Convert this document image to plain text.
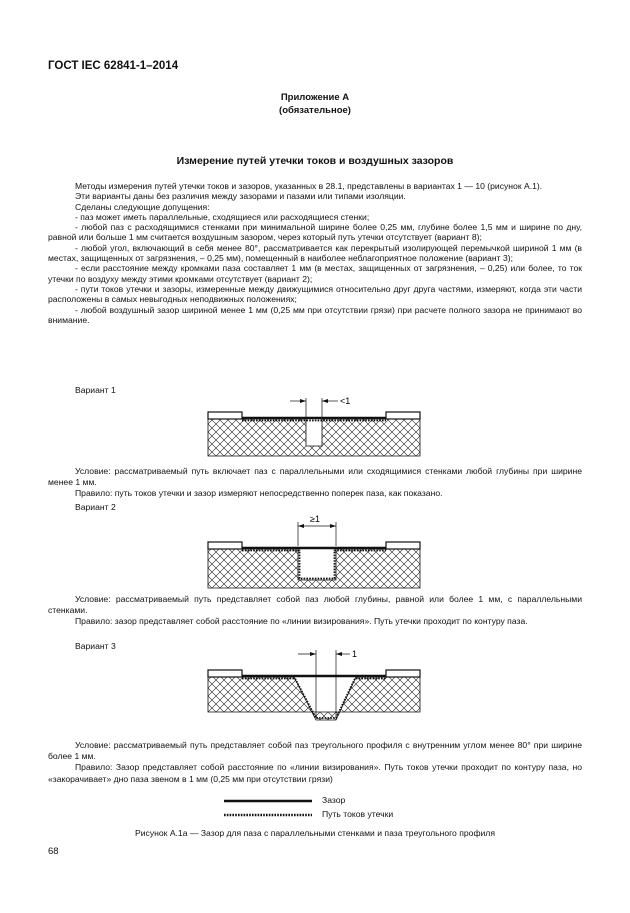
ГОСТ IEC 62841-1–2014
Приложение А
(обязательное)
Измерение путей утечки токов и воздушных зазоров

Методы измерения путей утечки токов и зазоров, указанных в 28.1, представлены в вариантах 1 — 10 (рисунок А.1).

Эти варианты даны без различия между зазорами и пазами или типами изоляции.

Сделаны следующие допущения:

- паз может иметь параллельные, сходящиеся или расходящиеся стенки;

- любой паз с расходящимися стенками при минимальной ширине более 0,25 мм, глубине более 1,5 мм и ширине по дну, равной или больше 1 мм считается воздушным зазором, через который путь утечки отсутствует (вариант 8);

- любой угол, включающий в себя менее 80°, рассматривается как перекрытый изолирующей перемычкой шириной 1 мм (в местах, защищенных от загрязнения, – 0,25 мм), помещенный в наиболее неблагоприятное положение (вариант 3);

- если расстояние между кромками паза составляет 1 мм (в местах, защищенных от загрязнения, – 0,25) или более, то ток утечки по воздуху между этими кромками отсутствует (вариант 2);

- пути токов утечки и зазоры, измеренные между движущимися относительно друг друга частями, измеряют, когда эти части расположены в самых невыгодных неподвижных положениях;

- любой воздушный зазор шириной менее 1 мм (0,25 мм при отсутствии грязи) при расчете полного зазора не принимают во внимание.

Вариант 1
<1
≥1
1

Условие: рассматриваемый путь включает паз с параллельными или сходящимися стенками любой глубины при ширине менее 1 мм.

Правило: путь токов утечки и зазор измеряют непосредственно поперек паза, как показано.

Вариант 2

Условие: рассматриваемый путь представляет собой паз любой глубины, равной или более 1 мм, с параллельными стенками.

Правило: зазор представляет собой расстояние по «линии визирования». Путь утечки проходит по контуру паза.

Вариант 3

Условие: рассматриваемый путь представляет собой паз треугольного профиля с внутренним углом менее 80° при ширине более 1 мм.

Правило: Зазор представляет собой расстояние по «линии визирования». Путь токов утечки проходит по контуру паза, но «закорачивает» дно паза звеном в 1 мм (0,25 мм при отсутствии грязи)

Зазор
Путь токов утечки
Рисунок А.1a — Зазор для паза с параллельными стенками и паза треугольного профиля
68
